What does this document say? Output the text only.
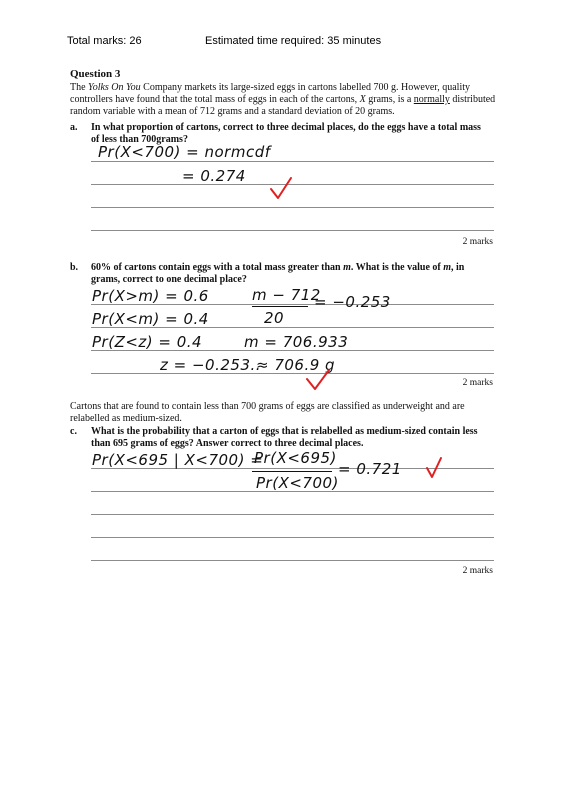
Total marks: 26	Estimated time required: 35 minutes
Question 3
The Yolks On You Company markets its large-sized eggs in cartons labelled 700 g. However, quality controllers have found that the total mass of eggs in each of the cartons, X grams, is a normally distributed random variable with a mean of 712 grams and a standard deviation of 20 grams.
a. In what proportion of cartons, correct to three decimal places, do the eggs have a total mass of less than 700grams?
Pr(X<700) = normcdf
= 0.274
2 marks
b. 60% of cartons contain eggs with a total mass greater than m. What is the value of m, in grams, correct to one decimal place?
Pr(X>m) = 0.6
Pr(X<m) = 0.4
Pr(Z<z) = 0.4
z = −0.253..
m − 712
20
= −0.253
m = 706.933
≈ 706.9 g
2 marks
Cartons that are found to contain less than 700 grams of eggs are classified as underweight and are relabelled as medium-sized.
c. What is the probability that a carton of eggs that is relabelled as medium-sized contain less than 695 grams of eggs? Answer correct to three decimal places.
Pr(X<695 | X<700) =
Pr(X<695)
Pr(X<700)
= 0.721
2 marks
